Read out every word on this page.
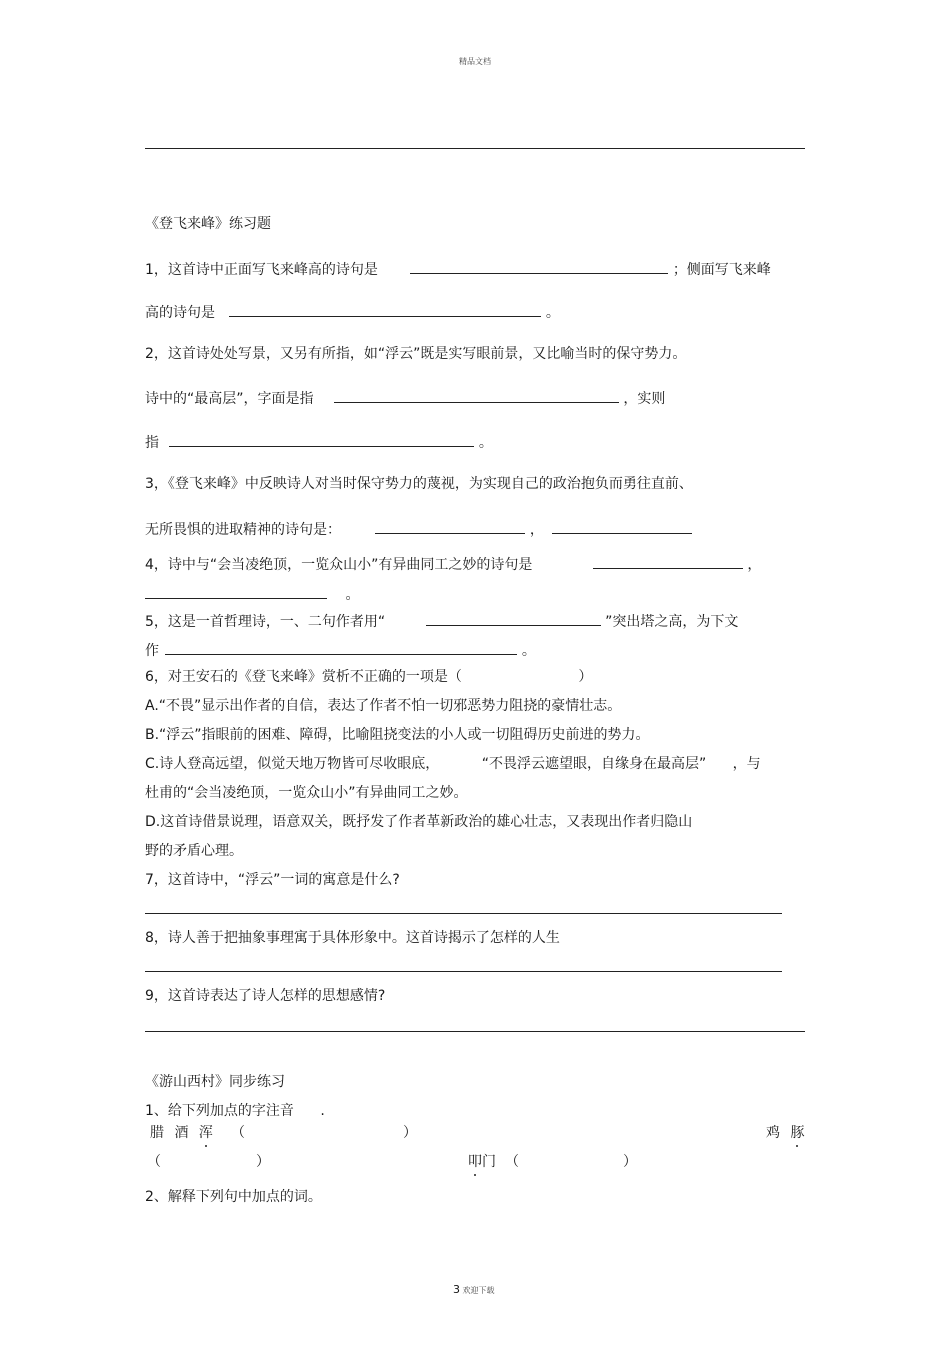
精品文档
《登飞来峰》练习题
1，这首诗中正面写飞来峰高的诗句是	；侧面写飞来峰
高的诗句是	。
2，这首诗处处写景，又另有所指，如“浮云”既是实写眼前景，又比喻当时的保守势力。
诗中的“最高层”，字面是指	，实则
指	。
3，《登飞来峰》中反映诗人对当时保守势力的蔑视，为实现自己的政治抱负而勇往直前、
无所畏惧的进取精神的诗句是：	，
4，诗中与“会当凌绝顶，一览众山小”有异曲同工之妙的诗句是	，
。
5，这是一首哲理诗，一、二句作者用“	”突出塔之高，为下文
作	。
6，对王安石的《登飞来峰》赏析不正确的一项是（	）
A.“不畏”显示出作者的自信，表达了作者不怕一切邪恶势力阻挠的豪情壮志。
B.“浮云”指眼前的困难、障碍，比喻阻挠变法的小人或一切阻碍历史前进的势力。
C.诗人登高远望，似觉天地万物皆可尽收眼底，	“不畏浮云遮望眼，自缘身在最高层” ，与
杜甫的“会当凌绝顶，一览众山小”有异曲同工之妙。
D.这首诗借景说理，语意双关，既抒发了作者革新政治的雄心壮志，又表现出作者归隐山
野的矛盾心理。
7，这首诗中，“浮云”一词的寓意是什么?
8，诗人善于把抽象事理寓于具体形象中。这首诗揭示了怎样的人生
9，这首诗表达了诗人怎样的思想感情?
《游山西村》同步练习
1、给下列加点的字注音 .
腊 酒 浑 （	）	鸡 豚
（	）	叩门 （	）
2、解释下列句中加点的词。
3 欢迎下载
